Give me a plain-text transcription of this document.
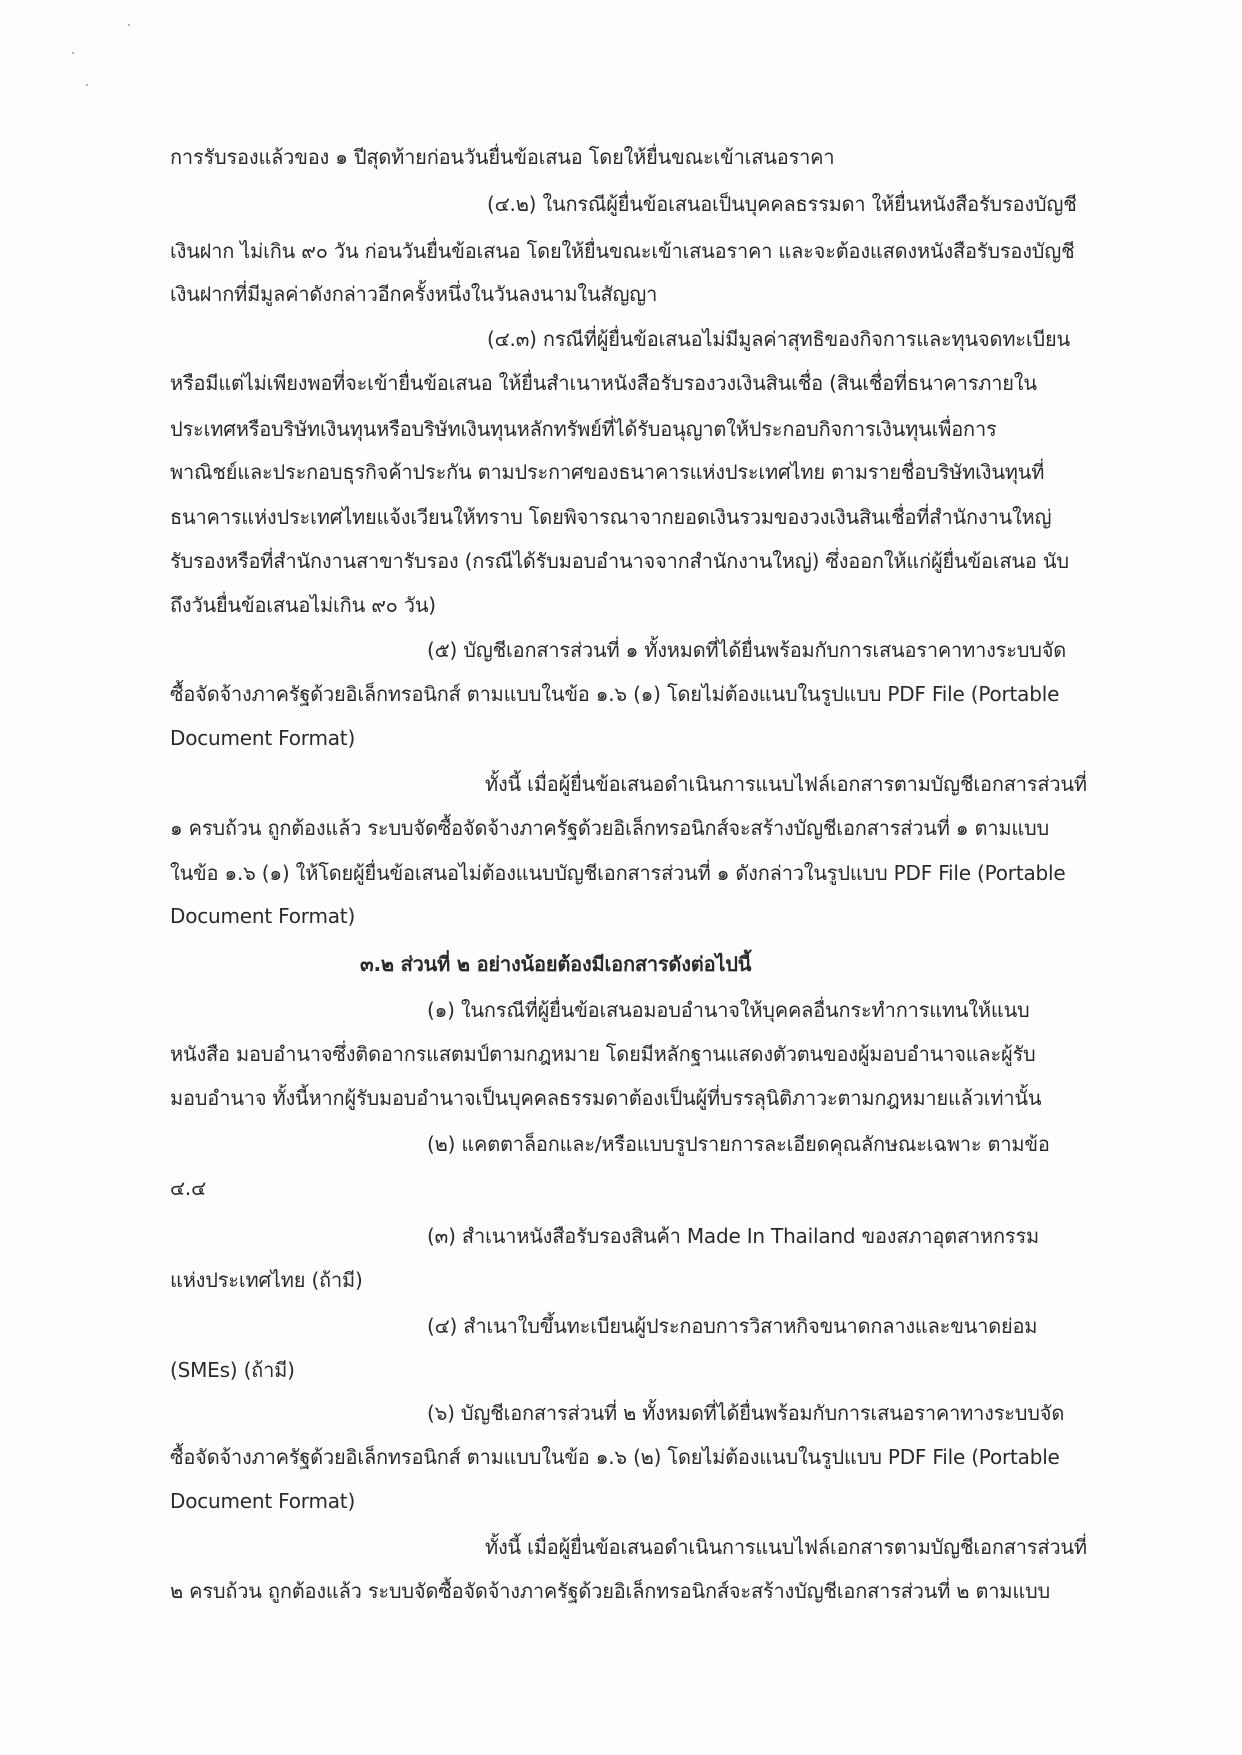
การรับรองแล้วของ ๑ ปีสุดท้ายก่อนวันยื่นข้อเสนอ โดยให้ยื่นขณะเข้าเสนอราคา
(๔.๒) ในกรณีผู้ยื่นข้อเสนอเป็นบุคคลธรรมดา ให้ยื่นหนังสือรับรองบัญชี
เงินฝาก ไม่เกิน ๙๐ วัน ก่อนวันยื่นข้อเสนอ โดยให้ยื่นขณะเข้าเสนอราคา และจะต้องแสดงหนังสือรับรองบัญชี
เงินฝากที่มีมูลค่าดังกล่าวอีกครั้งหนึ่งในวันลงนามในสัญญา
(๔.๓) กรณีที่ผู้ยื่นข้อเสนอไม่มีมูลค่าสุทธิของกิจการและทุนจดทะเบียน
หรือมีแต่ไม่เพียงพอที่จะเข้ายื่นข้อเสนอ ให้ยื่นสำเนาหนังสือรับรองวงเงินสินเชื่อ (สินเชื่อที่ธนาคารภายใน
ประเทศหรือบริษัทเงินทุนหรือบริษัทเงินทุนหลักทรัพย์ที่ได้รับอนุญาตให้ประกอบกิจการเงินทุนเพื่อการ
พาณิชย์และประกอบธุรกิจค้าประกัน ตามประกาศของธนาคารแห่งประเทศไทย ตามรายชื่อบริษัทเงินทุนที่
ธนาคารแห่งประเทศไทยแจ้งเวียนให้ทราบ โดยพิจารณาจากยอดเงินรวมของวงเงินสินเชื่อที่สำนักงานใหญ่
รับรองหรือที่สำนักงานสาขารับรอง (กรณีได้รับมอบอำนาจจากสำนักงานใหญ่) ซึ่งออกให้แก่ผู้ยื่นข้อเสนอ นับ
ถึงวันยื่นข้อเสนอไม่เกิน ๙๐ วัน)
(๕) บัญชีเอกสารส่วนที่ ๑ ทั้งหมดที่ได้ยื่นพร้อมกับการเสนอราคาทางระบบจัด
ซื้อจัดจ้างภาครัฐด้วยอิเล็กทรอนิกส์ ตามแบบในข้อ ๑.๖ (๑) โดยไม่ต้องแนบในรูปแบบ PDF File (Portable
Document Format)
ทั้งนี้ เมื่อผู้ยื่นข้อเสนอดำเนินการแนบไฟล์เอกสารตามบัญชีเอกสารส่วนที่
๑ ครบถ้วน ถูกต้องแล้ว ระบบจัดซื้อจัดจ้างภาครัฐด้วยอิเล็กทรอนิกส์จะสร้างบัญชีเอกสารส่วนที่ ๑ ตามแบบ
ในข้อ ๑.๖ (๑) ให้โดยผู้ยื่นข้อเสนอไม่ต้องแนบบัญชีเอกสารส่วนที่ ๑ ดังกล่าวในรูปแบบ PDF File (Portable
Document Format)
๓.๒ ส่วนที่ ๒ อย่างน้อยต้องมีเอกสารดังต่อไปนี้
(๑) ในกรณีที่ผู้ยื่นข้อเสนอมอบอำนาจให้บุคคลอื่นกระทำการแทนให้แนบ
หนังสือ มอบอำนาจซึ่งติดอากรแสตมป์ตามกฎหมาย โดยมีหลักฐานแสดงตัวตนของผู้มอบอำนาจและผู้รับ
มอบอำนาจ ทั้งนี้หากผู้รับมอบอำนาจเป็นบุคคลธรรมดาต้องเป็นผู้ที่บรรลุนิติภาวะตามกฎหมายแล้วเท่านั้น
(๒) แคตตาล็อกและ/หรือแบบรูปรายการละเอียดคุณลักษณะเฉพาะ ตามข้อ
๔.๔
(๓) สำเนาหนังสือรับรองสินค้า Made In Thailand ของสภาอุตสาหกรรม
แห่งประเทศไทย (ถ้ามี)
(๔) สำเนาใบขึ้นทะเบียนผู้ประกอบการวิสาหกิจขนาดกลางและขนาดย่อม
(SMEs) (ถ้ามี)
(๖) บัญชีเอกสารส่วนที่ ๒ ทั้งหมดที่ได้ยื่นพร้อมกับการเสนอราคาทางระบบจัด
ซื้อจัดจ้างภาครัฐด้วยอิเล็กทรอนิกส์ ตามแบบในข้อ ๑.๖ (๒) โดยไม่ต้องแนบในรูปแบบ PDF File (Portable
Document Format)
ทั้งนี้ เมื่อผู้ยื่นข้อเสนอดำเนินการแนบไฟล์เอกสารตามบัญชีเอกสารส่วนที่
๒ ครบถ้วน ถูกต้องแล้ว ระบบจัดซื้อจัดจ้างภาครัฐด้วยอิเล็กทรอนิกส์จะสร้างบัญชีเอกสารส่วนที่ ๒ ตามแบบ
